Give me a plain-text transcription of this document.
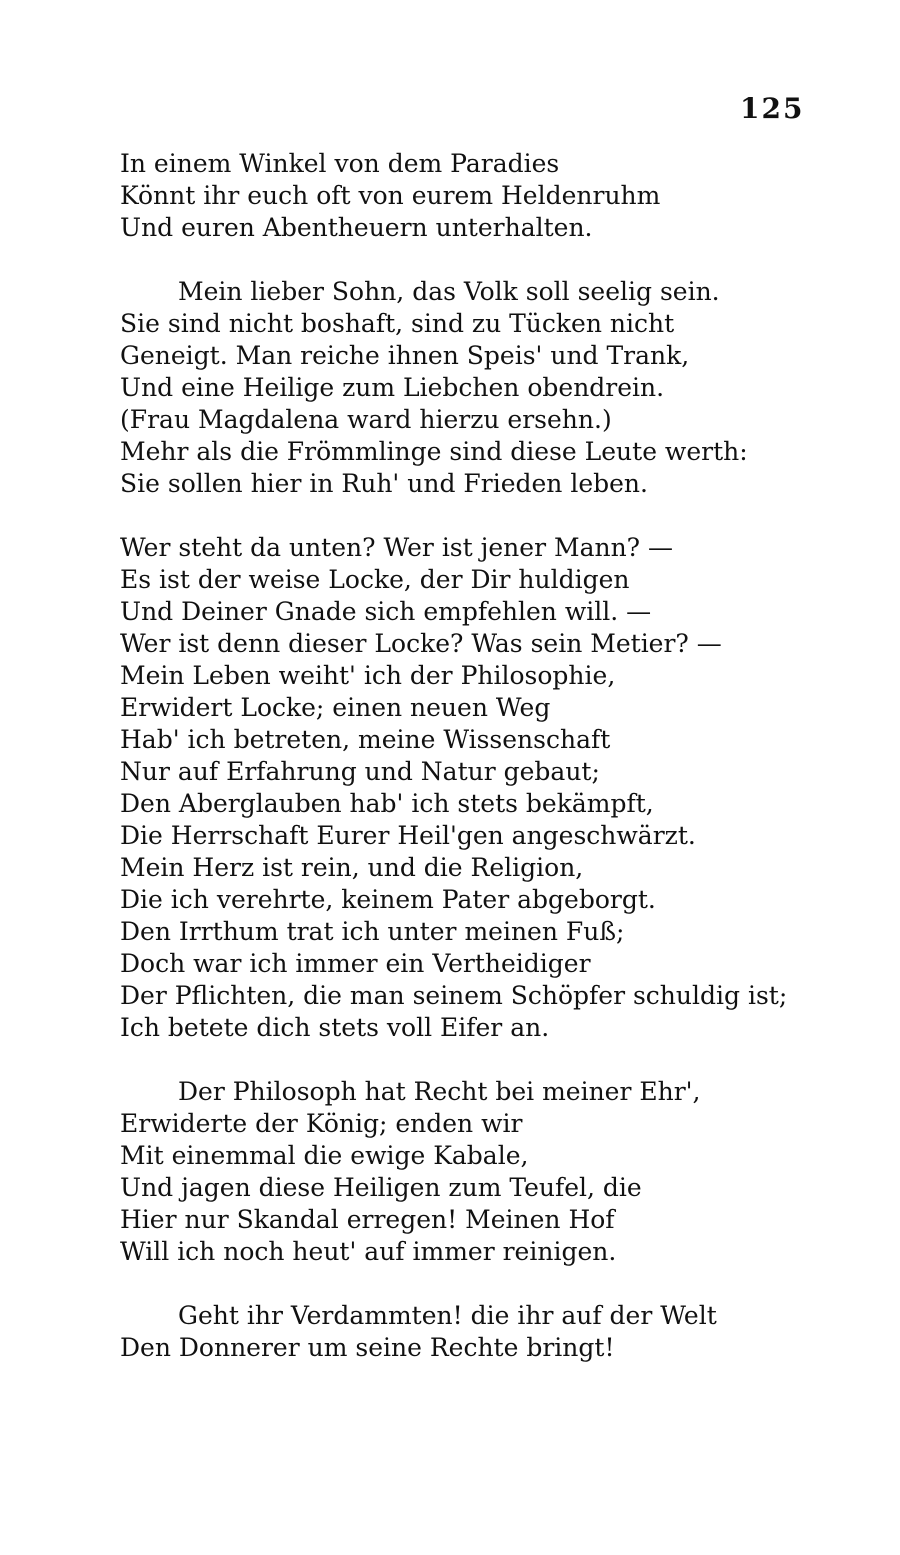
125
In einem Winkel von dem Paradies
Könnt ihr euch oft von eurem Heldenruhm
Und euren Abentheuern unterhalten.
Mein lieber Sohn, das Volk soll seelig sein.
Sie sind nicht boshaft, sind zu Tücken nicht
Geneigt. Man reiche ihnen Speis' und Trank,
Und eine Heilige zum Liebchen obendrein.
(Frau Magdalena ward hierzu ersehn.)
Mehr als die Frömmlinge sind diese Leute werth:
Sie sollen hier in Ruh' und Frieden leben.
Wer steht da unten? Wer ist jener Mann? —
Es ist der weise Locke, der Dir huldigen
Und Deiner Gnade sich empfehlen will. —
Wer ist denn dieser Locke? Was sein Metier? —
Mein Leben weiht' ich der Philosophie,
Erwidert Locke; einen neuen Weg
Hab' ich betreten, meine Wissenschaft
Nur auf Erfahrung und Natur gebaut;
Den Aberglauben hab' ich stets bekämpft,
Die Herrschaft Eurer Heil'gen angeschwärzt.
Mein Herz ist rein, und die Religion,
Die ich verehrte, keinem Pater abgeborgt.
Den Irrthum trat ich unter meinen Fuß;
Doch war ich immer ein Vertheidiger
Der Pflichten, die man seinem Schöpfer schuldig ist;
Ich betete dich stets voll Eifer an.
Der Philosoph hat Recht bei meiner Ehr',
Erwiderte der König; enden wir
Mit einemmal die ewige Kabale,
Und jagen diese Heiligen zum Teufel, die
Hier nur Skandal erregen! Meinen Hof
Will ich noch heut' auf immer reinigen.
Geht ihr Verdammten! die ihr auf der Welt
Den Donnerer um seine Rechte bringt!
